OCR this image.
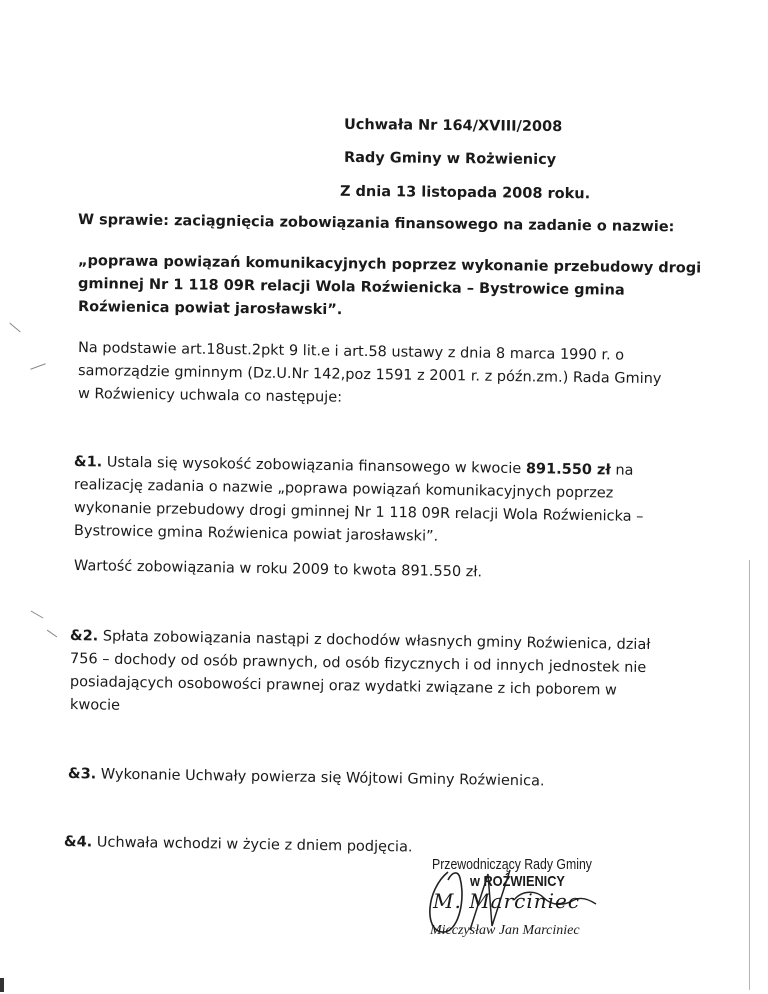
Uchwała Nr 164/XVIII/2008
Rady Gminy w Rożwienicy
Z dnia 13 listopada 2008 roku.
W sprawie: zaciągnięcia zobowiązania finansowego na zadanie o nazwie:
„poprawa powiązań komunikacyjnych poprzez wykonanie przebudowy drogi
gminnej Nr 1 118 09R relacji Wola Roźwienicka – Bystrowice gmina
Roźwienica powiat jarosławski”.
Na podstawie art.18ust.2pkt 9 lit.e i art.58 ustawy z dnia 8 marca 1990 r. o
samorządzie gminnym (Dz.U.Nr 142,poz 1591 z 2001 r. z późn.zm.) Rada Gminy
w Roźwienicy uchwala co następuje:
&1. Ustala się wysokość zobowiązania finansowego w kwocie 891.550 zł na
realizację zadania o nazwie „poprawa powiązań komunikacyjnych poprzez
wykonanie przebudowy drogi gminnej Nr 1 118 09R relacji Wola Roźwienicka –
Bystrowice gmina Roźwienica powiat jarosławski”.
Wartość zobowiązania w roku 2009 to kwota 891.550 zł.
&2. Spłata zobowiązania nastąpi z dochodów własnych gminy Roźwienica, dział
756 – dochody od osób prawnych, od osób fizycznych i od innych jednostek nie
posiadających osobowości prawnej oraz wydatki związane z ich poborem w
kwocie
&3. Wykonanie Uchwały powierza się Wójtowi Gminy Roźwienica.
&4. Uchwała wchodzi w życie z dniem podjęcia.
Przewodniczący Rady Gminy
w ROŹWIENICY
M. Marciniec
Mieczysław Jan Marciniec
